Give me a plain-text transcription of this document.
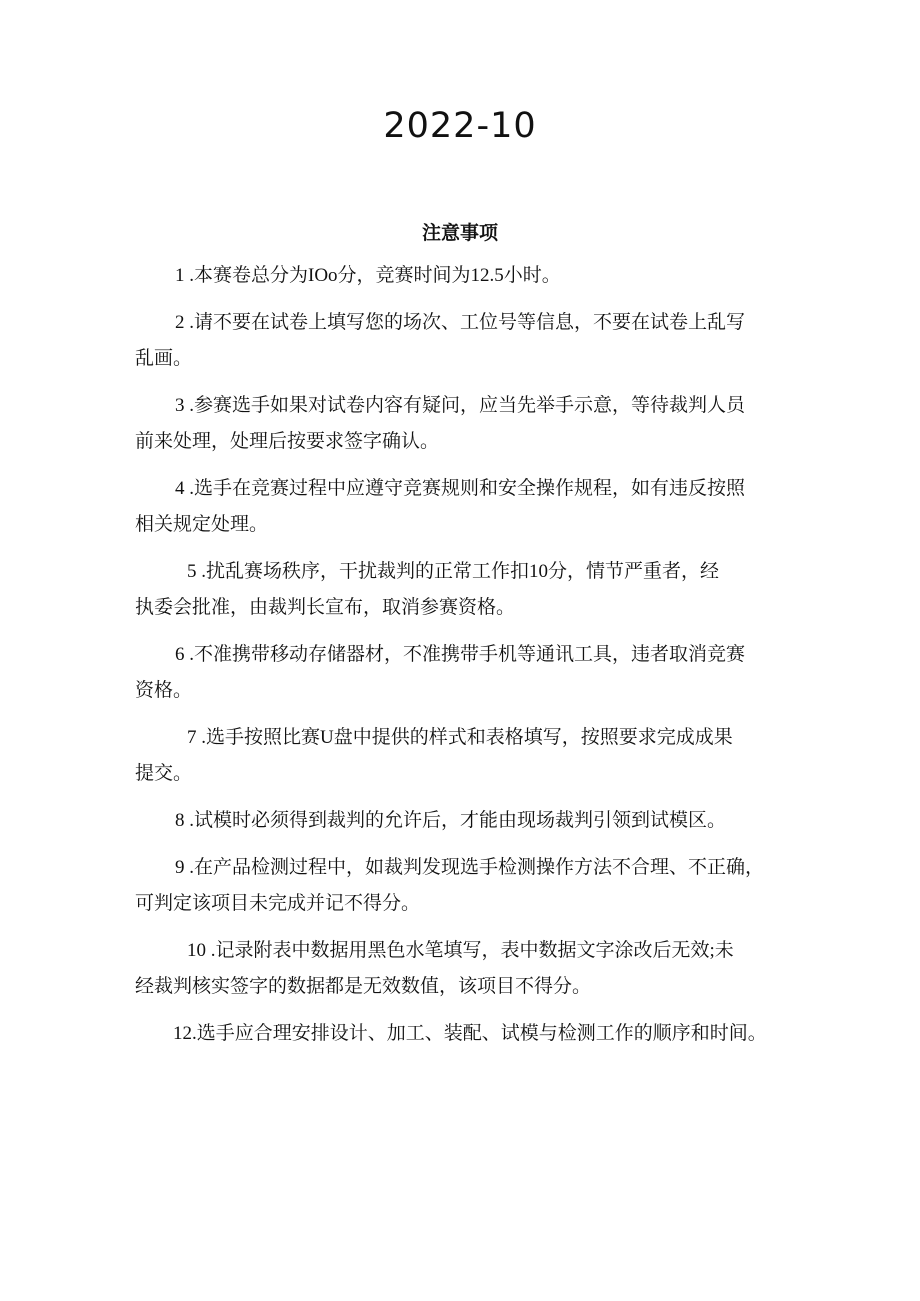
2022-10
注意事项
1 .本赛卷总分为IOo分，竞赛时间为12.5小时。
2 .请不要在试卷上填写您的场次、工位号等信息，不要在试卷上乱写
乱画。
3 .参赛选手如果对试卷内容有疑问，应当先举手示意，等待裁判人员
前来处理，处理后按要求签字确认。
4 .选手在竞赛过程中应遵守竞赛规则和安全操作规程，如有违反按照
相关规定处理。
5 .扰乱赛场秩序，干扰裁判的正常工作扣10分，情节严重者，经
执委会批准，由裁判长宣布，取消参赛资格。
6 .不准携带移动存储器材，不准携带手机等通讯工具，违者取消竞赛
资格。
7 .选手按照比赛U盘中提供的样式和表格填写，按照要求完成成果
提交。
8 .试模时必须得到裁判的允许后，才能由现场裁判引领到试模区。
9 .在产品检测过程中，如裁判发现选手检测操作方法不合理、不正确，
可判定该项目未完成并记不得分。
10 .记录附表中数据用黑色水笔填写，表中数据文字涂改后无效;未
经裁判核实签字的数据都是无效数值，该项目不得分。
12.选手应合理安排设计、加工、装配、试模与检测工作的顺序和时间。
